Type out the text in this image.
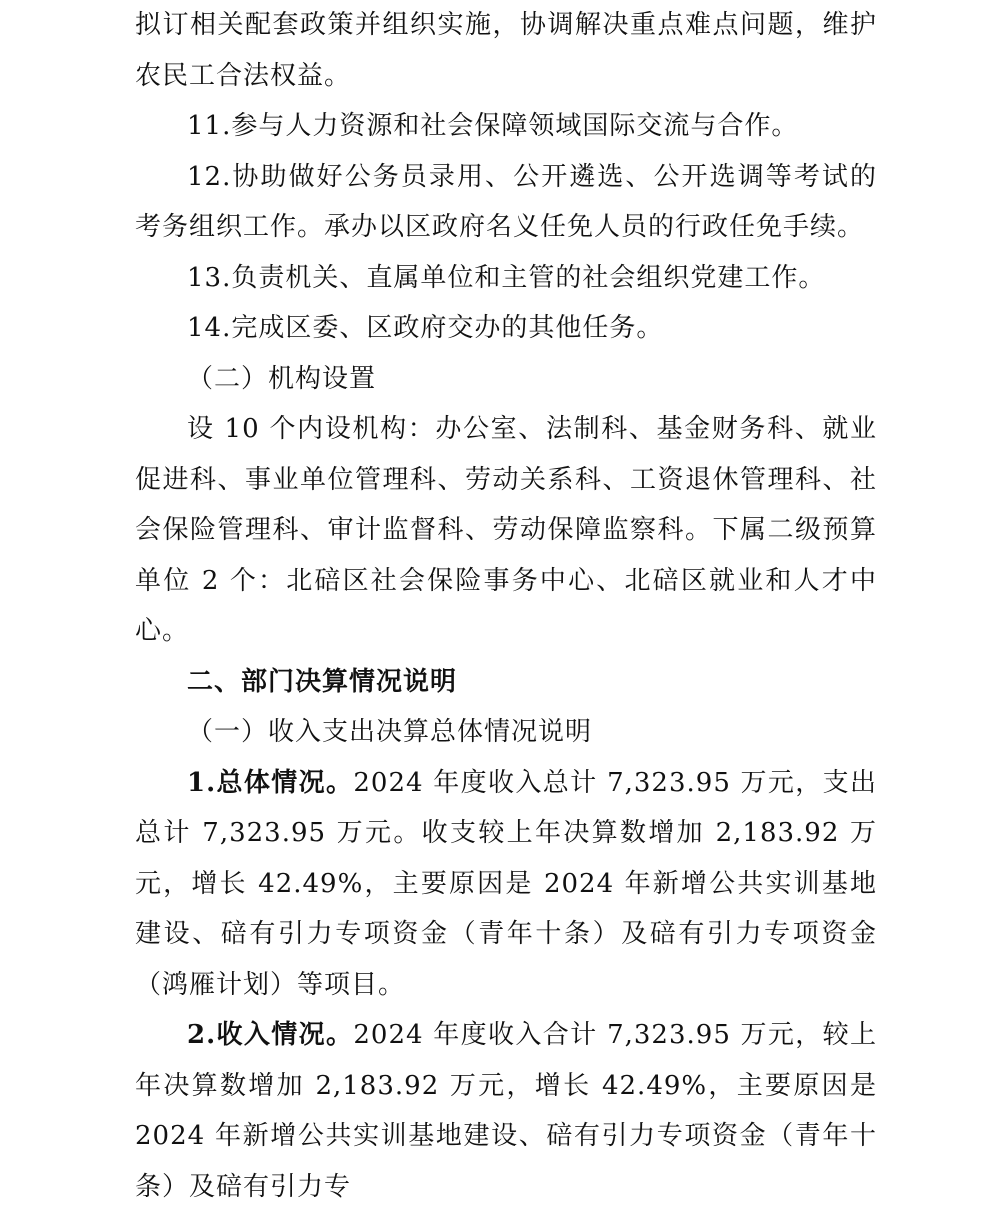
拟订相关配套政策并组织实施，协调解决重点难点问题，维护农民工合法权益。

11.参与人力资源和社会保障领域国际交流与合作。

12.协助做好公务员录用、公开遴选、公开选调等考试的考务组织工作。承办以区政府名义任免人员的行政任免手续。

13.负责机关、直属单位和主管的社会组织党建工作。

14.完成区委、区政府交办的其他任务。

（二）机构设置

设 10 个内设机构：办公室、法制科、基金财务科、就业促进科、事业单位管理科、劳动关系科、工资退休管理科、社会保险管理科、审计监督科、劳动保障监察科。下属二级预算单位 2 个：北碚区社会保险事务中心、北碚区就业和人才中心。

二、部门决算情况说明

（一）收入支出决算总体情况说明

1.总体情况。2024 年度收入总计 7,323.95 万元，支出总计 7,323.95 万元。收支较上年决算数增加 2,183.92 万元，增长 42.49%，主要原因是 2024 年新增公共实训基地建设、碚有引力专项资金（青年十条）及碚有引力专项资金（鸿雁计划）等项目。

2.收入情况。2024 年度收入合计 7,323.95 万元，较上年决算数增加 2,183.92 万元，增长 42.49%，主要原因是 2024 年新增公共实训基地建设、碚有引力专项资金（青年十条）及碚有引力专
